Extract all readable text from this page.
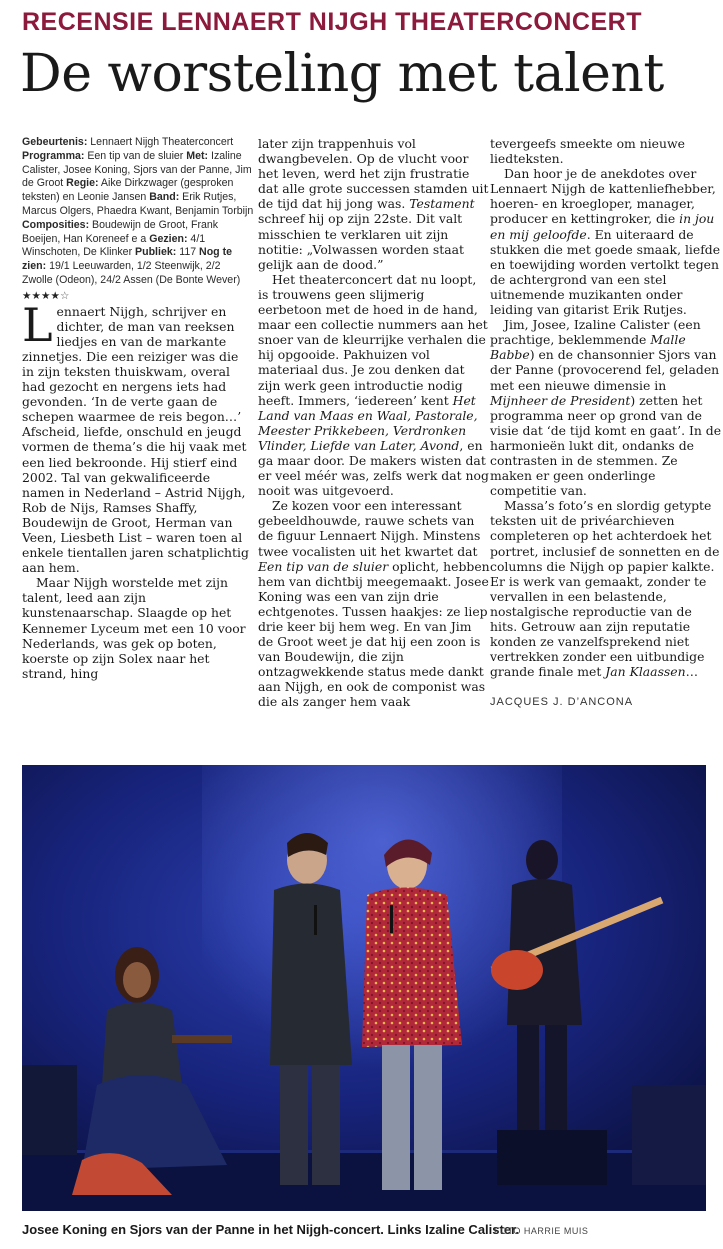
RECENSIE LENNAERT NIJGH THEATERCONCERT
De worsteling met talent
Gebeurtenis: Lennaert Nijgh Theaterconcert Programma: Een tip van de sluier Met: Izaline Calister, Josee Koning, Sjors van der Panne, Jim de Groot Regie: Aike Dirkzwager (gesproken teksten) en Leonie Jansen Band: Erik Rutjes, Marcus Olgers, Phaedra Kwant, Benjamin Torbijn Composities: Boudewijn de Groot, Frank Boeijen, Han Koreneef e a Gezien: 4/1 Winschoten, De Klinker Publiek: 117 Nog te zien: 19/1 Leeuwarden, 1/2 Steenwijk, 2/2 Zwolle (Odeon), 24/2 Assen (De Bonte Wever)
★★★★☆

Lennaert Nijgh, schrijver en dichter, de man van reeksen liedjes en van de markante zinnetjes. Die een reiziger was die in zijn teksten thuiskwam, overal had gezocht en nergens iets had gevonden. ‘In de verte gaan de schepen waarmee de reis begon…’ Afscheid, liefde, onschuld en jeugd vormen de thema’s die hij vaak met een lied bekroonde. Hij stierf eind 2002. Tal van gekwalificeerde namen in Nederland – Astrid Nijgh, Rob de Nijs, Ramses Shaffy, Boudewijn de Groot, Herman van Veen, Liesbeth List – waren toen al enkele tientallen jaren schatplichtig aan hem.

Maar Nijgh worstelde met zijn talent, leed aan zijn kunstenaarschap. Slaagde op het Kennemer Lyceum met een 10 voor Nederlands, was gek op boten, koerste op zijn Solex naar het strand, hing

later zijn trappenhuis vol dwangbevelen. Op de vlucht voor het leven, werd het zijn frustratie dat alle grote successen stamden uit de tijd dat hij jong was. Testament schreef hij op zijn 22ste. Dit valt misschien te verklaren uit zijn notitie: „Volwassen worden staat gelijk aan de dood.”

Het theaterconcert dat nu loopt, is trouwens geen slijmerig eerbetoon met de hoed in de hand, maar een collectie nummers aan het snoer van de kleurrijke verhalen die hij opgooide. Pakhuizen vol materiaal dus. Je zou denken dat zijn werk geen introductie nodig heeft. Immers, ‘iedereen’ kent Het Land van Maas en Waal, Pastorale, Meester Prikkebeen, Verdronken Vlinder, Liefde van Later, Avond, en ga maar door. De makers wisten dat er veel méér was, zelfs werk dat nog nooit was uitgevoerd.

Ze kozen voor een interessant gebeeldhouwde, rauwe schets van de figuur Lennaert Nijgh. Minstens twee vocalisten uit het kwartet dat Een tip van de sluier oplicht, hebben hem van dichtbij meegemaakt. Josee Koning was een van zijn drie echtgenotes. Tussen haakjes: ze liep drie keer bij hem weg. En van Jim de Groot weet je dat hij een zoon is van Boudewijn, die zijn ontzagwekkende status mede dankt aan Nijgh, en ook de componist was die als zanger hem vaak

tevergeefs smeekte om nieuwe liedteksten.

Dan hoor je de anekdotes over Lennaert Nijgh de kattenliefhebber, hoeren- en kroegloper, manager, producer en kettingroker, die in jou en mij geloofde. En uiteraard de stukken die met goede smaak, liefde en toewijding worden vertolkt tegen de achtergrond van een stel uitnemende muzikanten onder leiding van gitarist Erik Rutjes.

Jim, Josee, Izaline Calister (een prachtige, beklemmende Malle Babbe) en de chansonnier Sjors van der Panne (provocerend fel, geladen met een nieuwe dimensie in Mijnheer de President) zetten het programma neer op grond van de visie dat ‘de tijd komt en gaat’. In de harmonieën lukt dit, ondanks de contrasten in de stemmen. Ze maken er geen onderlinge competitie van.

Massa’s foto’s en slordig getypte teksten uit de privéarchieven completeren op het achterdoek het portret, inclusief de sonnetten en de columns die Nijgh op papier kalkte. Er is werk van gemaakt, zonder te vervallen in een belastende, nostalgische reproductie van de hits. Getrouw aan zijn reputatie konden ze vanzelfsprekend niet vertrekken zonder een uitbundige grande finale met Jan Klaassen…

JACQUES J. D’ANCONA
Josee Koning en Sjors van der Panne in het Nijgh-concert. Links Izaline Calister.
FOTO HARRIE MUIS
